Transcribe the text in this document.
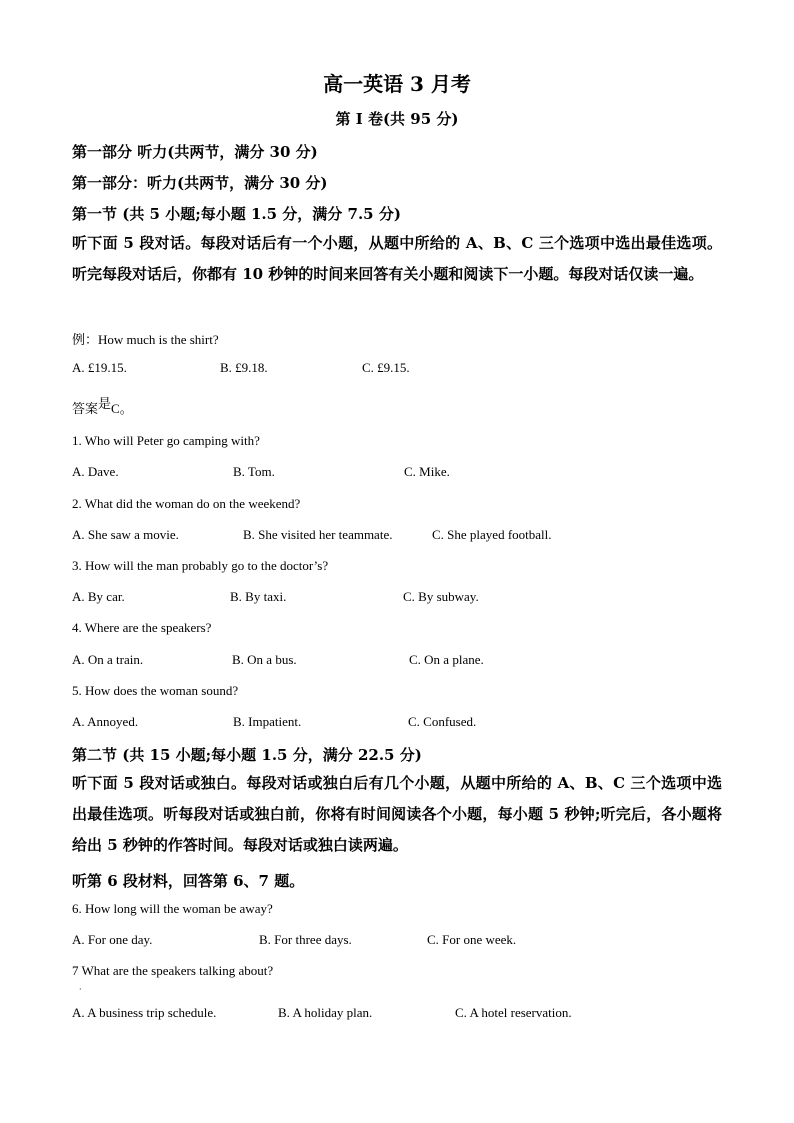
高一英语 3 月考
第 I 卷(共 95 分)
第一部分 听力(共两节，满分 30 分)
第一部分：听力(共两节，满分 30 分)
第一节 (共 5 小题;每小题 1.5 分，满分 7.5 分)
听下面 5 段对话。每段对话后有一个小题，从题中所给的 A、B、C 三个选项中选出最佳选项。听完每段对话后，你都有 10 秒钟的时间来回答有关小题和阅读下一小题。每段对话仅读一遍。
例：How much is the shirt?
A. £19.15.	B. £9.18.	C. £9.15.
答案是C。
1. Who will Peter go camping with?
A. Dave.	B. Tom.	C. Mike.
2. What did the woman do on the weekend?
A. She saw a movie.	B. She visited her teammate.	C. She played football.
3. How will the man probably go to the doctor’s?
A. By car.	B. By taxi.	C. By subway.
4. Where are the speakers?
A. On a train.	B. On a bus.	C. On a plane.
5. How does the woman sound?
A. Annoyed.	B. Impatient.	C. Confused.
第二节 (共 15 小题;每小题 1.5 分，满分 22.5 分)
听下面 5 段对话或独白。每段对话或独白后有几个小题，从题中所给的 A、B、C 三个选项中选出最佳选项。听每段对话或独白前，你将有时间阅读各个小题，每小题 5 秒钟;听完后，各小题将给出 5 秒钟的作答时间。每段对话或独白读两遍。
听第 6 段材料，回答第 6、7 题。
6. How long will the woman be away?
A. For one day.	B. For three days.	C. For one week.
7 What are the speakers talking about?
·
A. A business trip schedule.	B. A holiday plan.	C. A hotel reservation.
